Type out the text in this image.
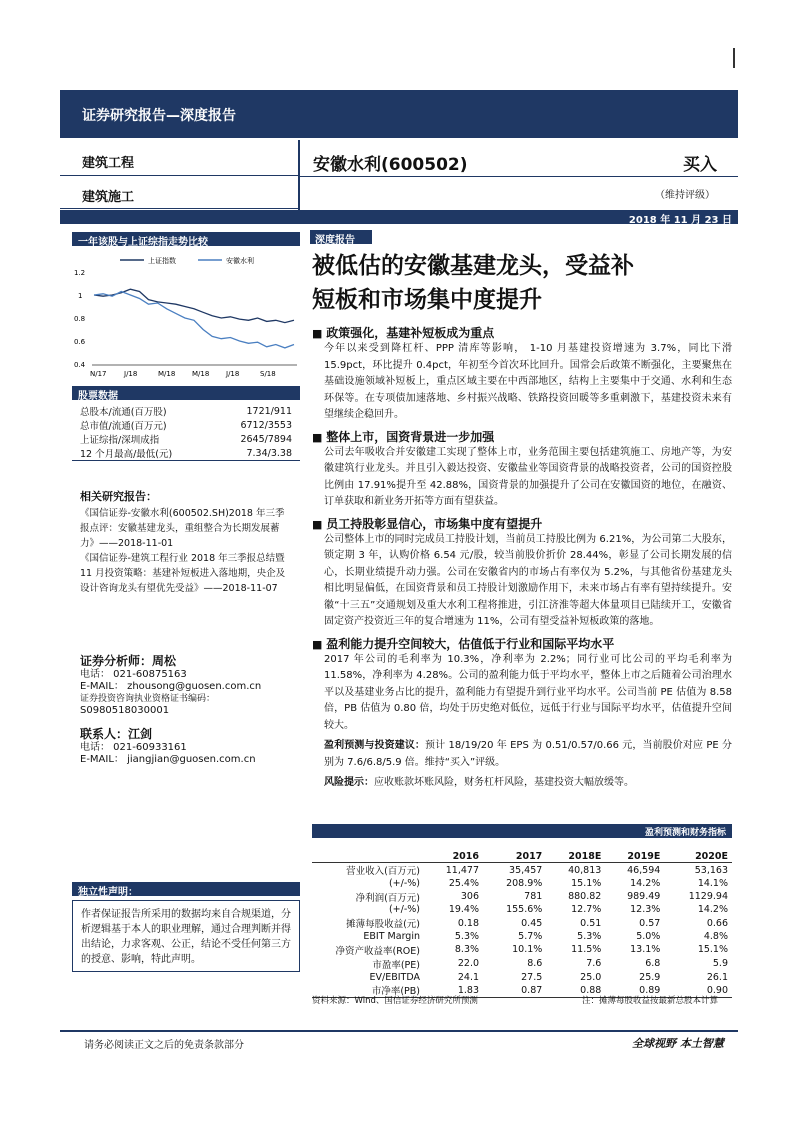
证券研究报告—深度报告
建筑工程
建筑施工
安徽水利(600502)	买入
（维持评级）
2018 年 11 月 23 日
一年该股与上证综指走势比较
上证指数	安徽水利
1.2
1
0.8
0.6
0.4
N/17 J/18	M/18 M/18 J/18	S/18
股票数据
总股本/流通(百万股)	1721/911
总市值/流通(百万元)	6712/3553
上证综指/深圳成指	2645/7894
12 个月最高/最低(元)	7.34/3.38
相关研究报告：
《国信证券-安徽水利(600502.SH)2018 年三季报点评：安徽基建龙头，重组整合为长期发展蓄力》——2018-11-01
《国信证券-建筑工程行业 2018 年三季报总结暨 11 月投资策略：基建补短板进入落地期，央企及设计咨询龙头有望优先受益》——2018-11-07
证券分析师：周松
电话： 021-60875163
E-MAIL： zhousong@guosen.com.cn
证券投资咨询执业资格证书编码：
S0980518030001
联系人：江剑
电话： 021-60933161
E-MAIL： jiangjian@guosen.com.cn
独立性声明：
作者保证报告所采用的数据均来自合规渠道，分析逻辑基于本人的职业理解，通过合理判断并得出结论，力求客观、公正，结论不受任何第三方的授意、影响，特此声明。
深度报告
被低估的安徽基建龙头，受益补
短板和市场集中度提升
■ 政策强化，基建补短板成为重点
今年以来受到降杠杆、PPP 清库等影响， 1-10 月基建投资增速为 3.7%，同比下滑 15.9pct，环比提升 0.4pct，年初至今首次环比回升。国常会后政策不断强化，主要聚焦在基础设施领域补短板上，重点区域主要在中西部地区，结构上主要集中于交通、水利和生态环保等。在专项债加速落地、乡村振兴战略、铁路投资回暖等多重刺激下，基建投资未来有望继续企稳回升。
■ 整体上市，国资背景进一步加强
公司去年吸收合并安徽建工实现了整体上市，业务范围主要包括建筑施工、房地产等，为安徽建筑行业龙头。并且引入毅达投资、安徽盐业等国资背景的战略投资者，公司的国资控股比例由 17.91%提升至 42.88%，国资背景的加强提升了公司在安徽国资的地位，在融资、订单获取和新业务开拓等方面有望获益。
■ 员工持股彰显信心，市场集中度有望提升
公司整体上市的同时完成员工持股计划，当前员工持股比例为 6.21%，为公司第二大股东，锁定期 3 年，认购价格 6.54 元/股，较当前股价折价 28.44%，彰显了公司长期发展的信心，长期业绩提升动力强。公司在安徽省内的市场占有率仅为 5.2%，与其他省份基建龙头相比明显偏低，在国资背景和员工持股计划激励作用下，未来市场占有率有望持续提升。安徽“十三五”交通规划及重大水利工程将推进，引江济淮等超大体量项目已陆续开工，安徽省固定资产投资近三年的复合增速为 11%，公司有望受益补短板政策的落地。
■ 盈利能力提升空间较大，估值低于行业和国际平均水平
2017 年公司的毛利率为 10.3%，净利率为 2.2%；同行业可比公司的平均毛利率为 11.58%，净利率为 4.28%。公司的盈利能力低于平均水平，整体上市之后随着公司治理水平以及基建业务占比的提升，盈利能力有望提升到行业平均水平。公司当前 PE 估值为 8.58 倍，PB 估值为 0.80 倍，均处于历史绝对低位，远低于行业与国际平均水平，估值提升空间较大。
盈利预测与投资建议：预计 18/19/20 年 EPS 为 0.51/0.57/0.66 元，当前股价对应 PE 分别为 7.6/6.8/5.9 倍。维持“买入”评级。
风险提示：应收账款坏账风险，财务杠杆风险，基建投资大幅放缓等。
盈利预测和财务指标
	2016	2017	2018E	2019E	2020E
营业收入(百万元)	11,477	35,457	40,813	46,594	53,163
(+/-%)	25.4%	208.9%	15.1%	14.2%	14.1%
净利润(百万元)	306	781	880.82	989.49	1129.94
(+/-%)	19.4%	155.6%	12.7%	12.3%	14.2%
摊薄每股收益(元)	0.18	0.45	0.51	0.57	0.66
EBIT Margin	5.3%	5.7%	5.3%	5.0%	4.8%
净资产收益率(ROE)	8.3%	10.1%	11.5%	13.1%	15.1%
市盈率(PE)	22.0	8.6	7.6	6.8	5.9
EV/EBITDA	24.1	27.5	25.0	25.9	26.1
市净率(PB)	1.83	0.87	0.88	0.89	0.90
资料来源：Wind、国信证券经济研究所预测	注：摊薄每股收益按最新总股本计算
请务必阅读正文之后的免责条款部分	全球视野 本土智慧
